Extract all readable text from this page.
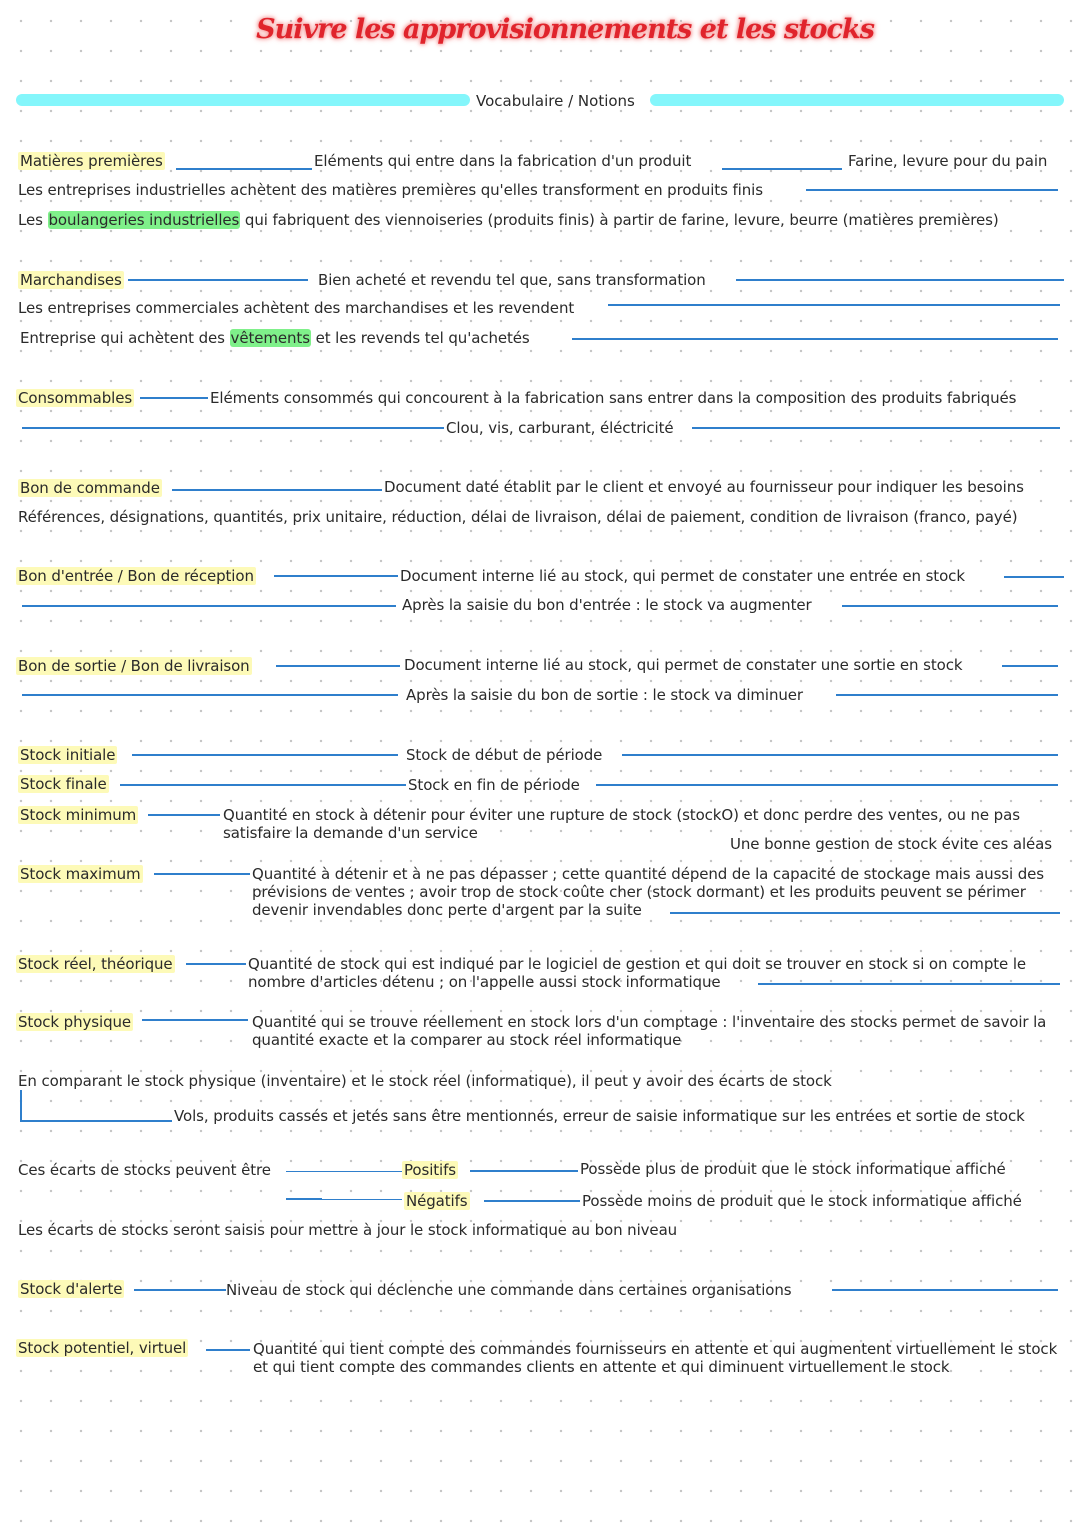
Suivre les approvisionnements et les stocks
Vocabulaire / Notions
Matières premières	Eléments qui entre dans la fabrication d'un produit	Farine, levure pour du pain
Les entreprises industrielles achètent des matières premières qu'elles transforment en produits finis
Les boulangeries industrielles qui fabriquent des viennoiseries (produits finis) à partir de farine, levure, beurre (matières premières)
Marchandises	Bien acheté et revendu tel que, sans transformation
Les entreprises commerciales achètent des marchandises et les revendent
Entreprise qui achètent des vêtements et les revends tel qu'achetés
Consommables	Eléments consommés qui concourent à la fabrication sans entrer dans la composition des produits fabriqués
Clou, vis, carburant, éléctricité
Bon de commande	Document daté établit par le client et envoyé au fournisseur pour indiquer les besoins
Références, désignations, quantités, prix unitaire, réduction, délai de livraison, délai de paiement, condition de livraison (franco, payé)
Bon d'entrée / Bon de réception	Document interne lié au stock, qui permet de constater une entrée en stock
Après la saisie du bon d'entrée : le stock va augmenter
Bon de sortie / Bon de livraison	Document interne lié au stock, qui permet de constater une sortie en stock
Après la saisie du bon de sortie : le stock va diminuer
Stock initiale	Stock de début de période
Stock finale	Stock en fin de période
Stock minimum	Quantité en stock à détenir pour éviter une rupture de stock (stockO) et donc perdre des ventes, ou ne pas satisfaire la demande d'un service
Une bonne gestion de stock évite ces aléas
Stock maximum	Quantité à détenir et à ne pas dépasser ; cette quantité dépend de la capacité de stockage mais aussi des prévisions de ventes ; avoir trop de stock coûte cher (stock dormant) et les produits peuvent se périmer devenir invendables donc perte d'argent par la suite
Stock réel, théorique	Quantité de stock qui est indiqué par le logiciel de gestion et qui doit se trouver en stock si on compte le nombre d'articles détenu ; on l'appelle aussi stock informatique
Stock physique	Quantité qui se trouve réellement en stock lors d'un comptage : l'inventaire des stocks permet de savoir la quantité exacte et la comparer au stock réel informatique
En comparant le stock physique (inventaire) et le stock réel (informatique), il peut y avoir des écarts de stock
Vols, produits cassés et jetés sans être mentionnés, erreur de saisie informatique sur les entrées et sortie de stock
Ces écarts de stocks peuvent être	Positifs	Possède plus de produit que le stock informatique affiché
Négatifs	Possède moins de produit que le stock informatique affiché
Les écarts de stocks seront saisis pour mettre à jour le stock informatique au bon niveau
Stock d'alerte	Niveau de stock qui déclenche une commande dans certaines organisations
Stock potentiel, virtuel	Quantité qui tient compte des commandes fournisseurs en attente et qui augmentent virtuellement le stock et qui tient compte des commandes clients en attente et qui diminuent virtuellement le stock
